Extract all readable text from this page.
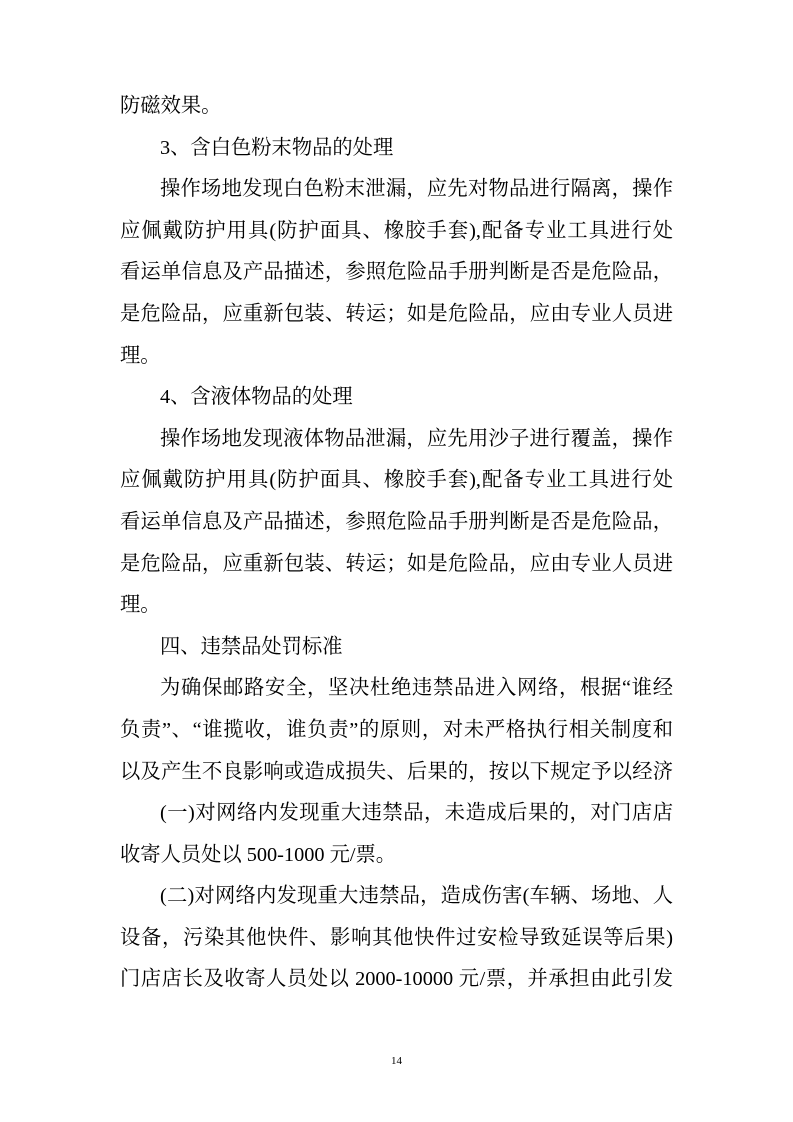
防磁效果。
3、含白色粉末物品的处理
操作场地发现白色粉末泄漏，应先对物品进行隔离，操作
应佩戴防护用具(防护面具、橡胶手套),配备专业工具进行处
看运单信息及产品描述，参照危险品手册判断是否是危险品，
是危险品，应重新包装、转运；如是危险品，应由专业人员进
理。
4、含液体物品的处理
操作场地发现液体物品泄漏，应先用沙子进行覆盖，操作
应佩戴防护用具(防护面具、橡胶手套),配备专业工具进行处
看运单信息及产品描述，参照危险品手册判断是否是危险品，
是危险品，应重新包装、转运；如是危险品，应由专业人员进
理。
四、违禁品处罚标准
为确保邮路安全，坚决杜绝违禁品进入网络，根据“谁经
负责”、“谁揽收，谁负责”的原则，对未严格执行相关制度和
以及产生不良影响或造成损失、后果的，按以下规定予以经济
(一)对网络内发现重大违禁品，未造成后果的，对门店店
收寄人员处以 500-1000 元/票。
(二)对网络内发现重大违禁品，造成伤害(车辆、场地、人
设备，污染其他快件、影响其他快件过安检导致延误等后果)
门店店长及收寄人员处以 2000-10000 元/票，并承担由此引发
14
